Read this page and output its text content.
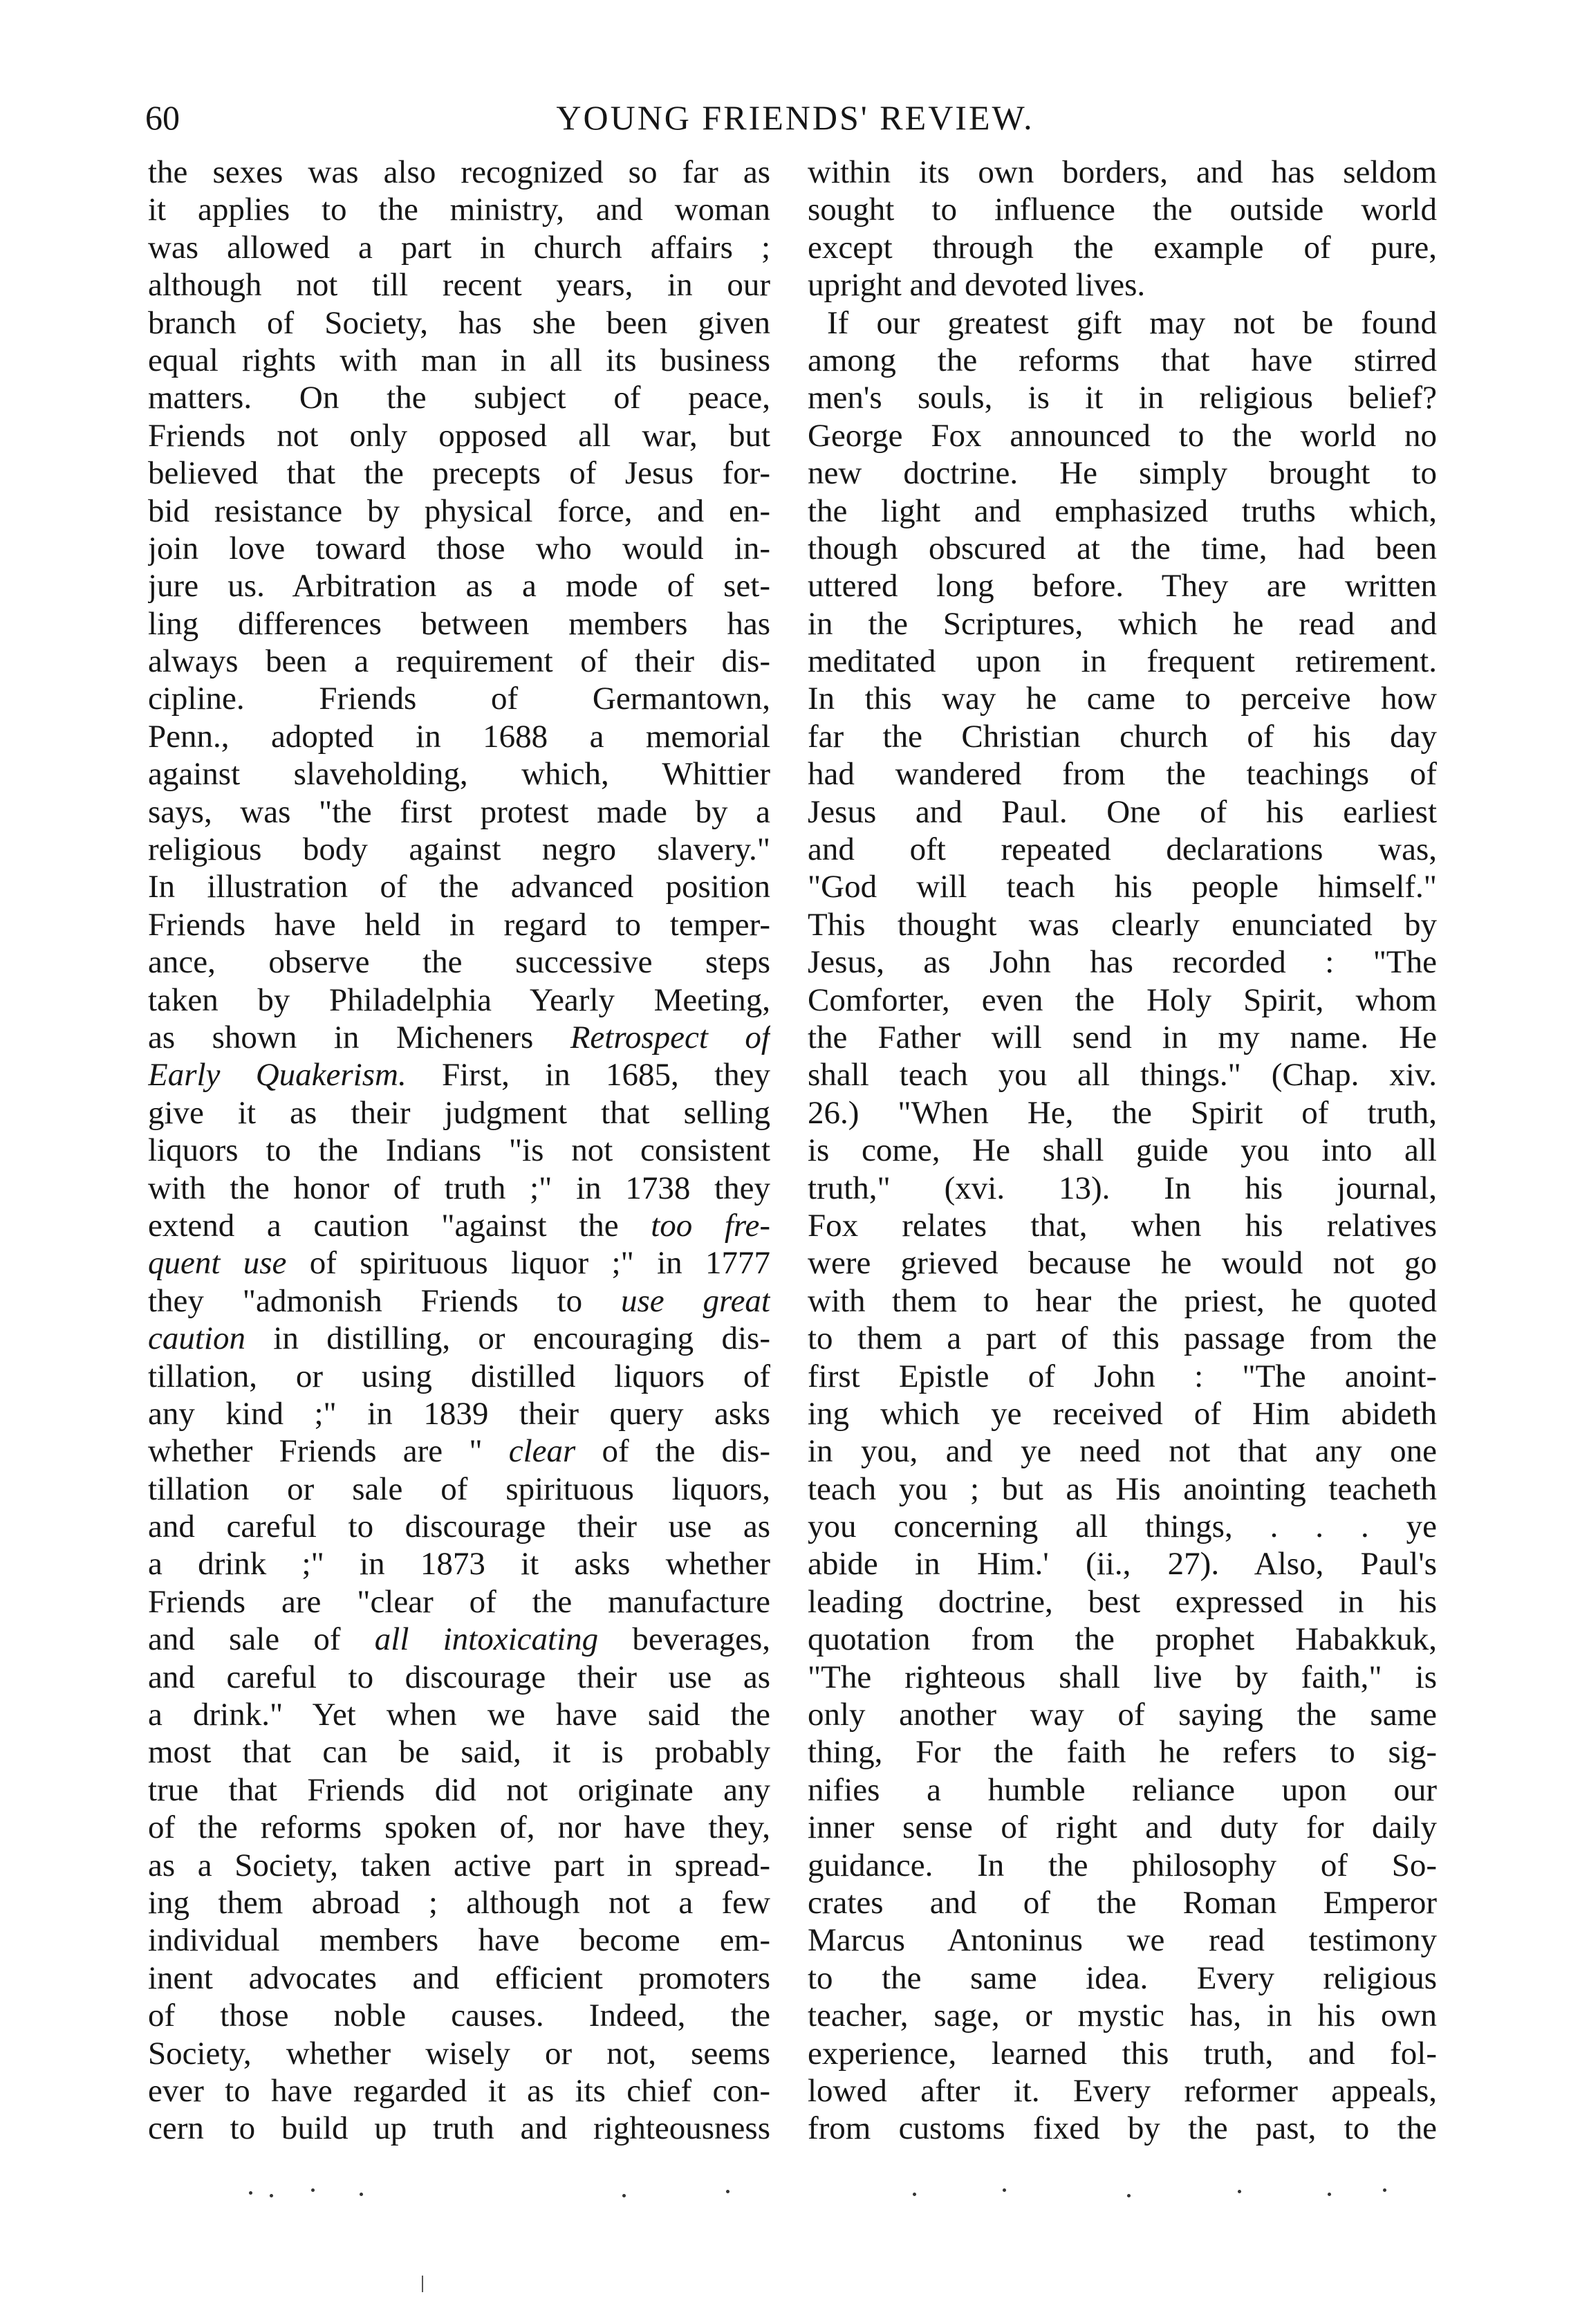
60	YOUNG FRIENDS' REVIEW.
the sexes was also recognized so far as
it applies to the ministry, and woman
was allowed a part in church affairs ;
although not till recent years, in our
branch of Society, has she been given
equal rights with man in all its business
matters. On the subject of peace,
Friends not only opposed all war, but
believed that the precepts of Jesus for-
bid resistance by physical force, and en-
join love toward those who would in-
jure us. Arbitration as a mode of set-
ling differences between members has
always been a requirement of their dis-
cipline. Friends of Germantown,
Penn., adopted in 1688 a memorial
against slaveholding, which, Whittier
says, was "the first protest made by a
religious body against negro slavery."
In illustration of the advanced position
Friends have held in regard to temper-
ance, observe the successive steps
taken by Philadelphia Yearly Meeting,
as shown in Micheners Retrospect of
Early Quakerism. First, in 1685, they
give it as their judgment that selling
liquors to the Indians "is not consistent
with the honor of truth ;" in 1738 they
extend a caution "against the too fre-
quent use of spirituous liquor ;" in 1777
they "admonish Friends to use great
caution in distilling, or encouraging dis-
tillation, or using distilled liquors of
any kind ;" in 1839 their query asks
whether Friends are " clear of the dis-
tillation or sale of spirituous liquors,
and careful to discourage their use as
a drink ;" in 1873 it asks whether
Friends are "clear of the manufacture
and sale of all intoxicating beverages,
and careful to discourage their use as
a drink." Yet when we have said the
most that can be said, it is probably
true that Friends did not originate any
of the reforms spoken of, nor have they,
as a Society, taken active part in spread-
ing them abroad ; although not a few
individual members have become em-
inent advocates and efficient promoters
of those noble causes. Indeed, the
Society, whether wisely or not, seems
ever to have regarded it as its chief con-
cern to build up truth and righteousness
within its own borders, and has seldom
sought to influence the outside world
except through the example of pure,
upright and devoted lives.
If our greatest gift may not be found
among the reforms that have stirred
men's souls, is it in religious belief?
George Fox announced to the world no
new doctrine. He simply brought to
the light and emphasized truths which,
though obscured at the time, had been
uttered long before. They are written
in the Scriptures, which he read and
meditated upon in frequent retirement.
In this way he came to perceive how
far the Christian church of his day
had wandered from the teachings of
Jesus and Paul. One of his earliest
and oft repeated declarations was,
"God will teach his people himself."
This thought was clearly enunciated by
Jesus, as John has recorded : "The
Comforter, even the Holy Spirit, whom
the Father will send in my name. He
shall teach you all things." (Chap. xiv.
26.) "When He, the Spirit of truth,
is come, He shall guide you into all
truth," (xvi. 13). In his journal,
Fox relates that, when his relatives
were grieved because he would not go
with them to hear the priest, he quoted
to them a part of this passage from the
first Epistle of John : "The anoint-
ing which ye received of Him abideth
in you, and ye need not that any one
teach you ; but as His anointing teacheth
you concerning all things, . . . ye
abide in Him.' (ii., 27). Also, Paul's
leading doctrine, best expressed in his
quotation from the prophet Habakkuk,
"The righteous shall live by faith," is
only another way of saying the same
thing, For the faith he refers to sig-
nifies a humble reliance upon our
inner sense of right and duty for daily
guidance. In the philosophy of So-
crates and of the Roman Emperor
Marcus Antoninus we read testimony
to the same idea. Every religious
teacher, sage, or mystic has, in his own
experience, learned this truth, and fol-
lowed after it. Every reformer appeals,
from customs fixed by the past, to the
